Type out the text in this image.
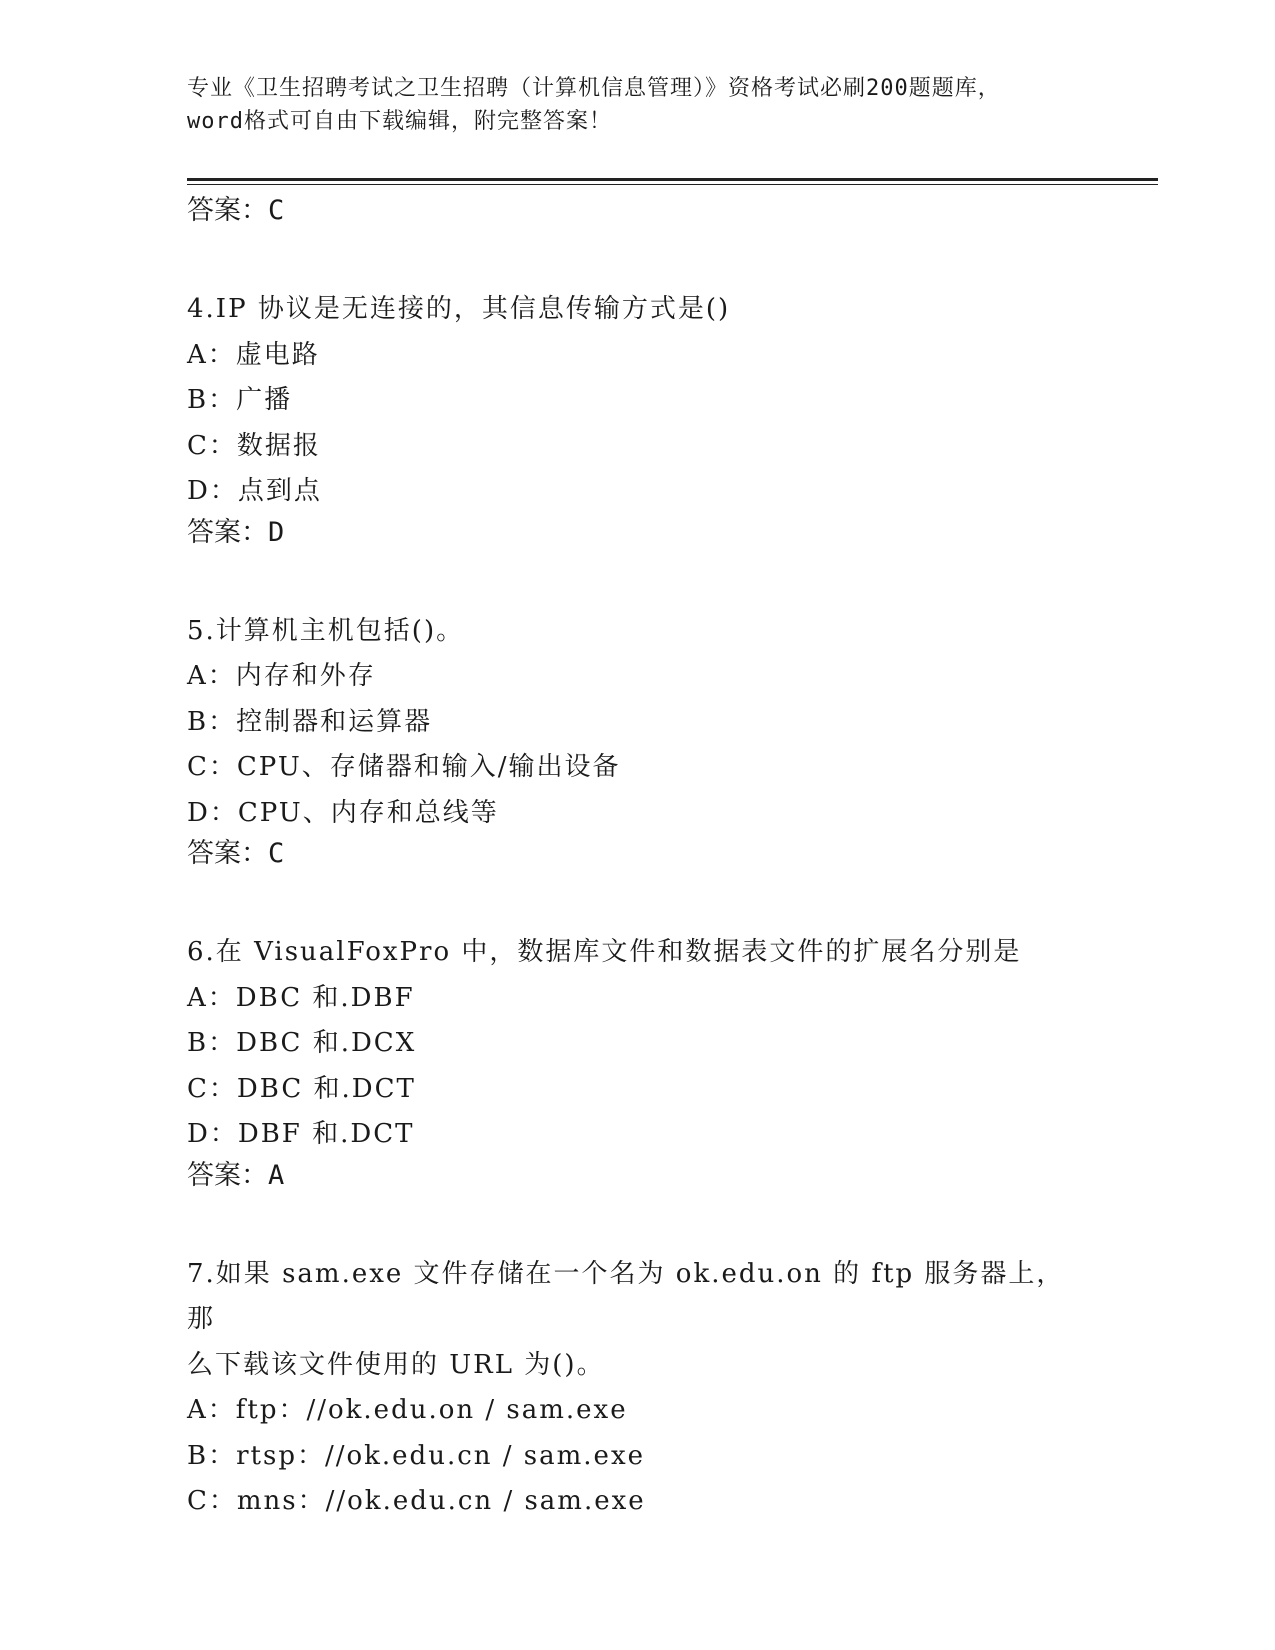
专业《卫生招聘考试之卫生招聘（计算机信息管理）》资格考试必刷200题题库，

word格式可自由下载编辑，附完整答案！

答案：C

4.IP 协议是无连接的，其信息传输方式是()

A：虚电路

B：广播

C：数据报

D：点到点

答案：D

5.计算机主机包括()。

A：内存和外存

B：控制器和运算器

C：CPU、存储器和输入/输出设备

D：CPU、内存和总线等

答案：C

6.在 VisualFoxPro 中，数据库文件和数据表文件的扩展名分别是

A：DBC 和.DBF

B：DBC 和.DCX

C：DBC 和.DCT

D：DBF 和.DCT

答案：A

7.如果 sam.exe 文件存储在一个名为 ok.edu.on 的 ftp 服务器上，那

么下载该文件使用的 URL 为()。

A：ftp：//ok.edu.on / sam.exe

B：rtsp：//ok.edu.cn / sam.exe

C：mns：//ok.edu.cn / sam.exe
